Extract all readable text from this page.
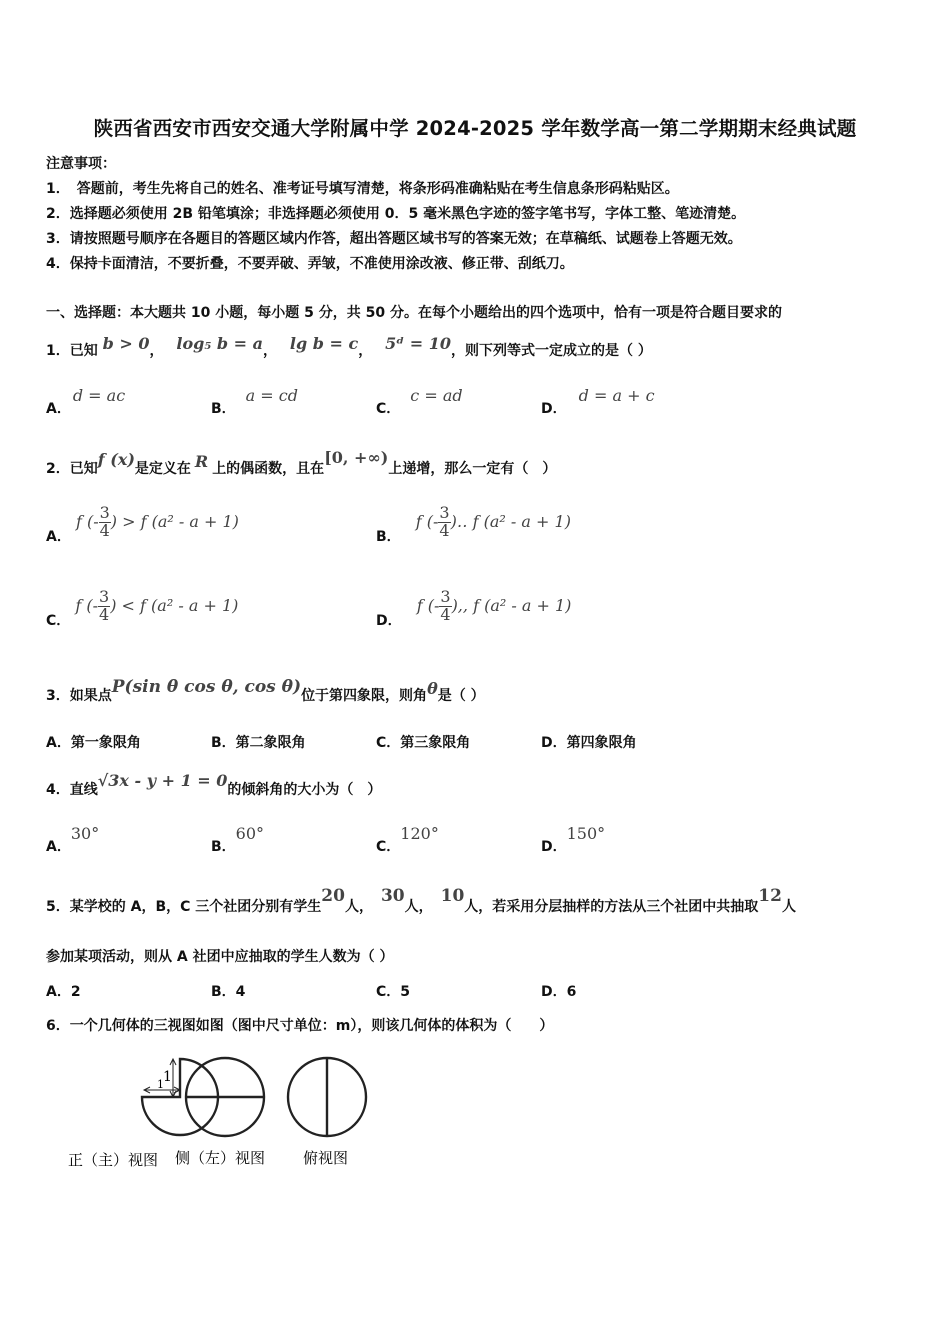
陕西省西安市西安交通大学附属中学 2024-2025 学年数学高一第二学期期末经典试题
注意事项：
1．　答题前，考生先将自己的姓名、准考证号填写清楚，将条形码准确粘贴在考生信息条形码粘贴区。
2．选择题必须使用 2B 铅笔填涂；非选择题必须使用 0．5 毫米黑色字迹的签字笔书写，字体工整、笔迹清楚。
3．请按照题号顺序在各题目的答题区域内作答，超出答题区域书写的答案无效；在草稿纸、试题卷上答题无效。
4．保持卡面清洁，不要折叠，不要弄破、弄皱，不准使用涂改液、修正带、刮纸刀。
一、选择题：本大题共 10 小题，每小题 5 分，共 50 分。在每个小题给出的四个选项中，恰有一项是符合题目要求的
1．已知 b > 0， log₅ b = a， lg b = c， 5ᵈ = 10，则下列等式一定成立的是（ ）
A．d = ac
B．a = cd
C．c = ad
D．d = a + c
2．已知f (x)是定义在 R 上的偶函数，且在[0, +∞)上递增，那么一定有（　）
A． f (- $\frac{3}{4}$ ) > f (a² - a + 1)
B． f (- $\frac{3}{4}$ )‥ f (a² - a + 1)
C． f (- $\frac{3}{4}$ ) < f (a² - a + 1)
D． f (- $\frac{3}{4}$ ),, f (a² - a + 1)
3．如果点P(sin θ cos θ, cos θ)位于第四象限，则角θ是（ ）
A．第一象限角	B．第二象限角	C．第三象限角	D．第四象限角
4．直线√3x - y + 1 = 0的倾斜角的大小为（　）
A．30°
B．60°
C．120°
D．150°
5．某学校的 A，B，C 三个社团分别有学生20人，30人，10人，若采用分层抽样的方法从三个社团中共抽取12人
参加某项活动，则从 A 社团中应抽取的学生人数为（ ）
A．2	B．4	C．5	D．6
6．一个几何体的三视图如图（图中尺寸单位：m），则该几何体的体积为（　　）
1
1
正（主）视图 侧（左）视图	俯视图
